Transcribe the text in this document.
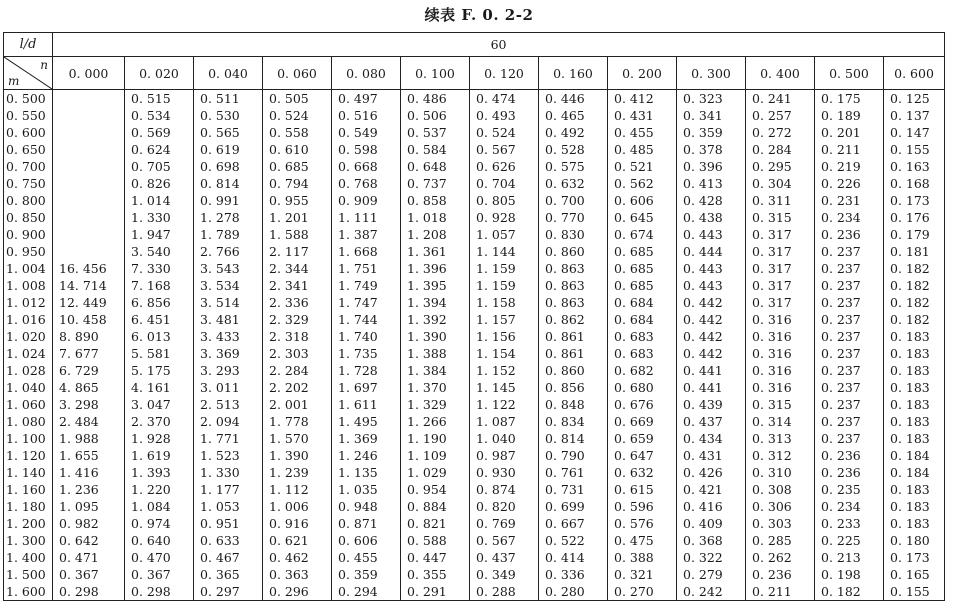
续表 F. 0. 2-2
l/d	60												

n
m	0. 000	0. 020	0. 040	0. 060	0. 080	0. 100	0. 120	0. 160	0. 200	0. 300	0. 400	0. 500	0. 600
0. 500		0. 515	0. 511	0. 505	0. 497	0. 486	0. 474	0. 446	0. 412	0. 323	0. 241	0. 175	0. 125
0. 550		0. 534	0. 530	0. 524	0. 516	0. 506	0. 493	0. 465	0. 431	0. 341	0. 257	0. 189	0. 137
0. 600		0. 569	0. 565	0. 558	0. 549	0. 537	0. 524	0. 492	0. 455	0. 359	0. 272	0. 201	0. 147
0. 650		0. 624	0. 619	0. 610	0. 598	0. 584	0. 567	0. 528	0. 485	0. 378	0. 284	0. 211	0. 155
0. 700		0. 705	0. 698	0. 685	0. 668	0. 648	0. 626	0. 575	0. 521	0. 396	0. 295	0. 219	0. 163
0. 750		0. 826	0. 814	0. 794	0. 768	0. 737	0. 704	0. 632	0. 562	0. 413	0. 304	0. 226	0. 168
0. 800		1. 014	0. 991	0. 955	0. 909	0. 858	0. 805	0. 700	0. 606	0. 428	0. 311	0. 231	0. 173
0. 850		1. 330	1. 278	1. 201	1. 111	1. 018	0. 928	0. 770	0. 645	0. 438	0. 315	0. 234	0. 176
0. 900		1. 947	1. 789	1. 588	1. 387	1. 208	1. 057	0. 830	0. 674	0. 443	0. 317	0. 236	0. 179
0. 950		3. 540	2. 766	2. 117	1. 668	1. 361	1. 144	0. 860	0. 685	0. 444	0. 317	0. 237	0. 181
1. 004	16. 456	7. 330	3. 543	2. 344	1. 751	1. 396	1. 159	0. 863	0. 685	0. 443	0. 317	0. 237	0. 182
1. 008	14. 714	7. 168	3. 534	2. 341	1. 749	1. 395	1. 159	0. 863	0. 685	0. 443	0. 317	0. 237	0. 182
1. 012	12. 449	6. 856	3. 514	2. 336	1. 747	1. 394	1. 158	0. 863	0. 684	0. 442	0. 317	0. 237	0. 182
1. 016	10. 458	6. 451	3. 481	2. 329	1. 744	1. 392	1. 157	0. 862	0. 684	0. 442	0. 316	0. 237	0. 182
1. 020	8. 890	6. 013	3. 433	2. 318	1. 740	1. 390	1. 156	0. 861	0. 683	0. 442	0. 316	0. 237	0. 183
1. 024	7. 677	5. 581	3. 369	2. 303	1. 735	1. 388	1. 154	0. 861	0. 683	0. 442	0. 316	0. 237	0. 183
1. 028	6. 729	5. 175	3. 293	2. 284	1. 728	1. 384	1. 152	0. 860	0. 682	0. 441	0. 316	0. 237	0. 183
1. 040	4. 865	4. 161	3. 011	2. 202	1. 697	1. 370	1. 145	0. 856	0. 680	0. 441	0. 316	0. 237	0. 183
1. 060	3. 298	3. 047	2. 513	2. 001	1. 611	1. 329	1. 122	0. 848	0. 676	0. 439	0. 315	0. 237	0. 183
1. 080	2. 484	2. 370	2. 094	1. 778	1. 495	1. 266	1. 087	0. 834	0. 669	0. 437	0. 314	0. 237	0. 183
1. 100	1. 988	1. 928	1. 771	1. 570	1. 369	1. 190	1. 040	0. 814	0. 659	0. 434	0. 313	0. 237	0. 183
1. 120	1. 655	1. 619	1. 523	1. 390	1. 246	1. 109	0. 987	0. 790	0. 647	0. 431	0. 312	0. 236	0. 184
1. 140	1. 416	1. 393	1. 330	1. 239	1. 135	1. 029	0. 930	0. 761	0. 632	0. 426	0. 310	0. 236	0. 184
1. 160	1. 236	1. 220	1. 177	1. 112	1. 035	0. 954	0. 874	0. 731	0. 615	0. 421	0. 308	0. 235	0. 183
1. 180	1. 095	1. 084	1. 053	1. 006	0. 948	0. 884	0. 820	0. 699	0. 596	0. 416	0. 306	0. 234	0. 183
1. 200	0. 982	0. 974	0. 951	0. 916	0. 871	0. 821	0. 769	0. 667	0. 576	0. 409	0. 303	0. 233	0. 183
1. 300	0. 642	0. 640	0. 633	0. 621	0. 606	0. 588	0. 567	0. 522	0. 475	0. 368	0. 285	0. 225	0. 180
1. 400	0. 471	0. 470	0. 467	0. 462	0. 455	0. 447	0. 437	0. 414	0. 388	0. 322	0. 262	0. 213	0. 173
1. 500	0. 367	0. 367	0. 365	0. 363	0. 359	0. 355	0. 349	0. 336	0. 321	0. 279	0. 236	0. 198	0. 165
1. 600	0. 298	0. 298	0. 297	0. 296	0. 294	0. 291	0. 288	0. 280	0. 270	0. 242	0. 211	0. 182	0. 155
